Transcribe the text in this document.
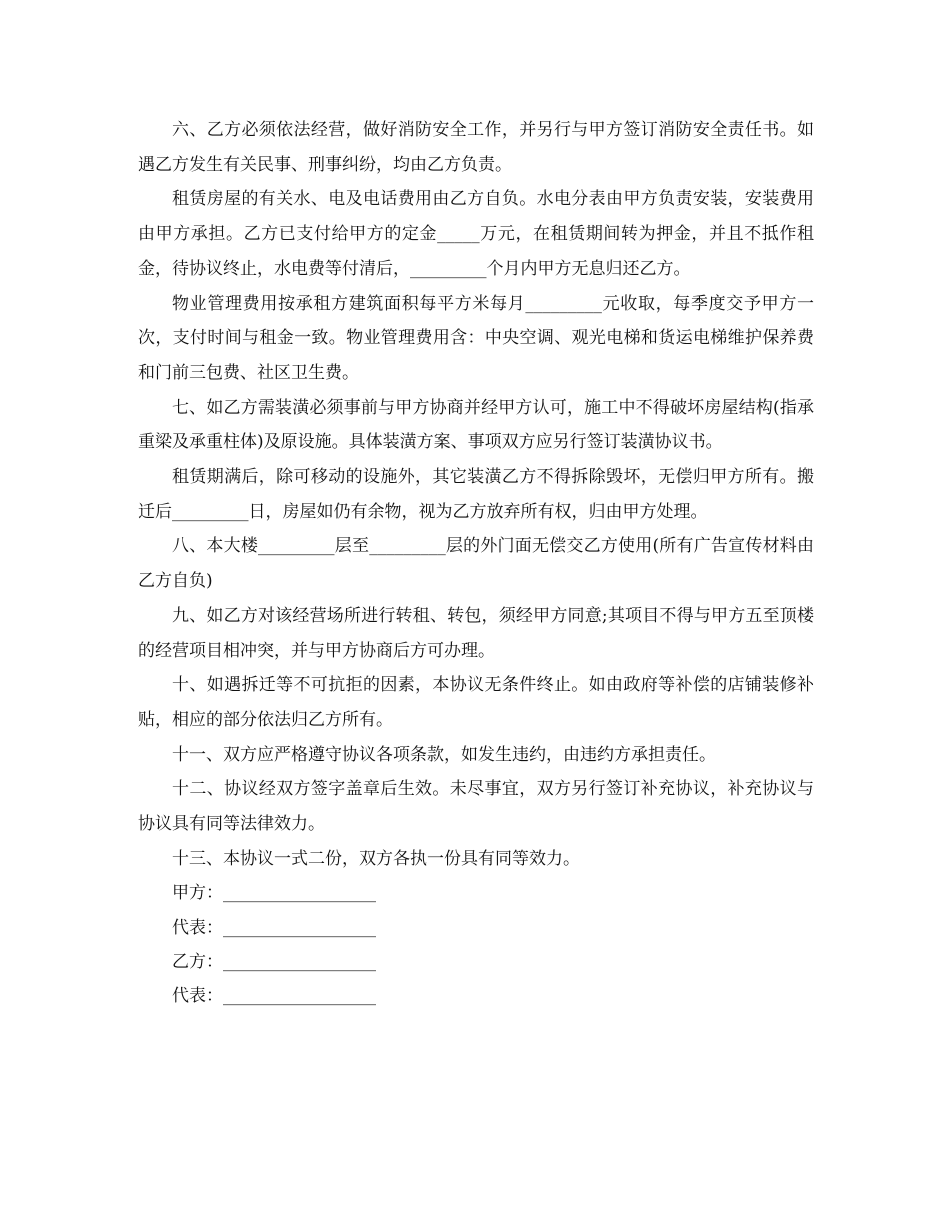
六、乙方必须依法经营，做好消防安全工作，并另行与甲方签订消防安全责任书。如遇乙方发生有关民事、刑事纠纷，均由乙方负责。

租赁房屋的有关水、电及电话费用由乙方自负。水电分表由甲方负责安装，安装费用由甲方承担。乙方已支付给甲方的定金_____万元，在租赁期间转为押金，并且不抵作租金，待协议终止，水电费等付清后，_________个月内甲方无息归还乙方。

物业管理费用按承租方建筑面积每平方米每月_________元收取，每季度交予甲方一次，支付时间与租金一致。物业管理费用含：中央空调、观光电梯和货运电梯维护保养费和门前三包费、社区卫生费。

七、如乙方需装潢必须事前与甲方协商并经甲方认可，施工中不得破坏房屋结构(指承重梁及承重柱体)及原设施。具体装潢方案、事项双方应另行签订装潢协议书。

租赁期满后，除可移动的设施外，其它装潢乙方不得拆除毁坏，无偿归甲方所有。搬迁后_________日，房屋如仍有余物，视为乙方放弃所有权，归由甲方处理。

八、本大楼_________层至_________层的外门面无偿交乙方使用(所有广告宣传材料由乙方自负)

九、如乙方对该经营场所进行转租、转包，须经甲方同意;其项目不得与甲方五至顶楼的经营项目相冲突，并与甲方协商后方可办理。

十、如遇拆迁等不可抗拒的因素，本协议无条件终止。如由政府等补偿的店铺装修补贴，相应的部分依法归乙方所有。

十一、双方应严格遵守协议各项条款，如发生违约，由违约方承担责任。

十二、协议经双方签字盖章后生效。未尽事宜，双方另行签订补充协议，补充协议与协议具有同等法律效力。

十三、本协议一式二份，双方各执一份具有同等效力。

甲方：__________________

代表：__________________

乙方：__________________

代表：__________________
